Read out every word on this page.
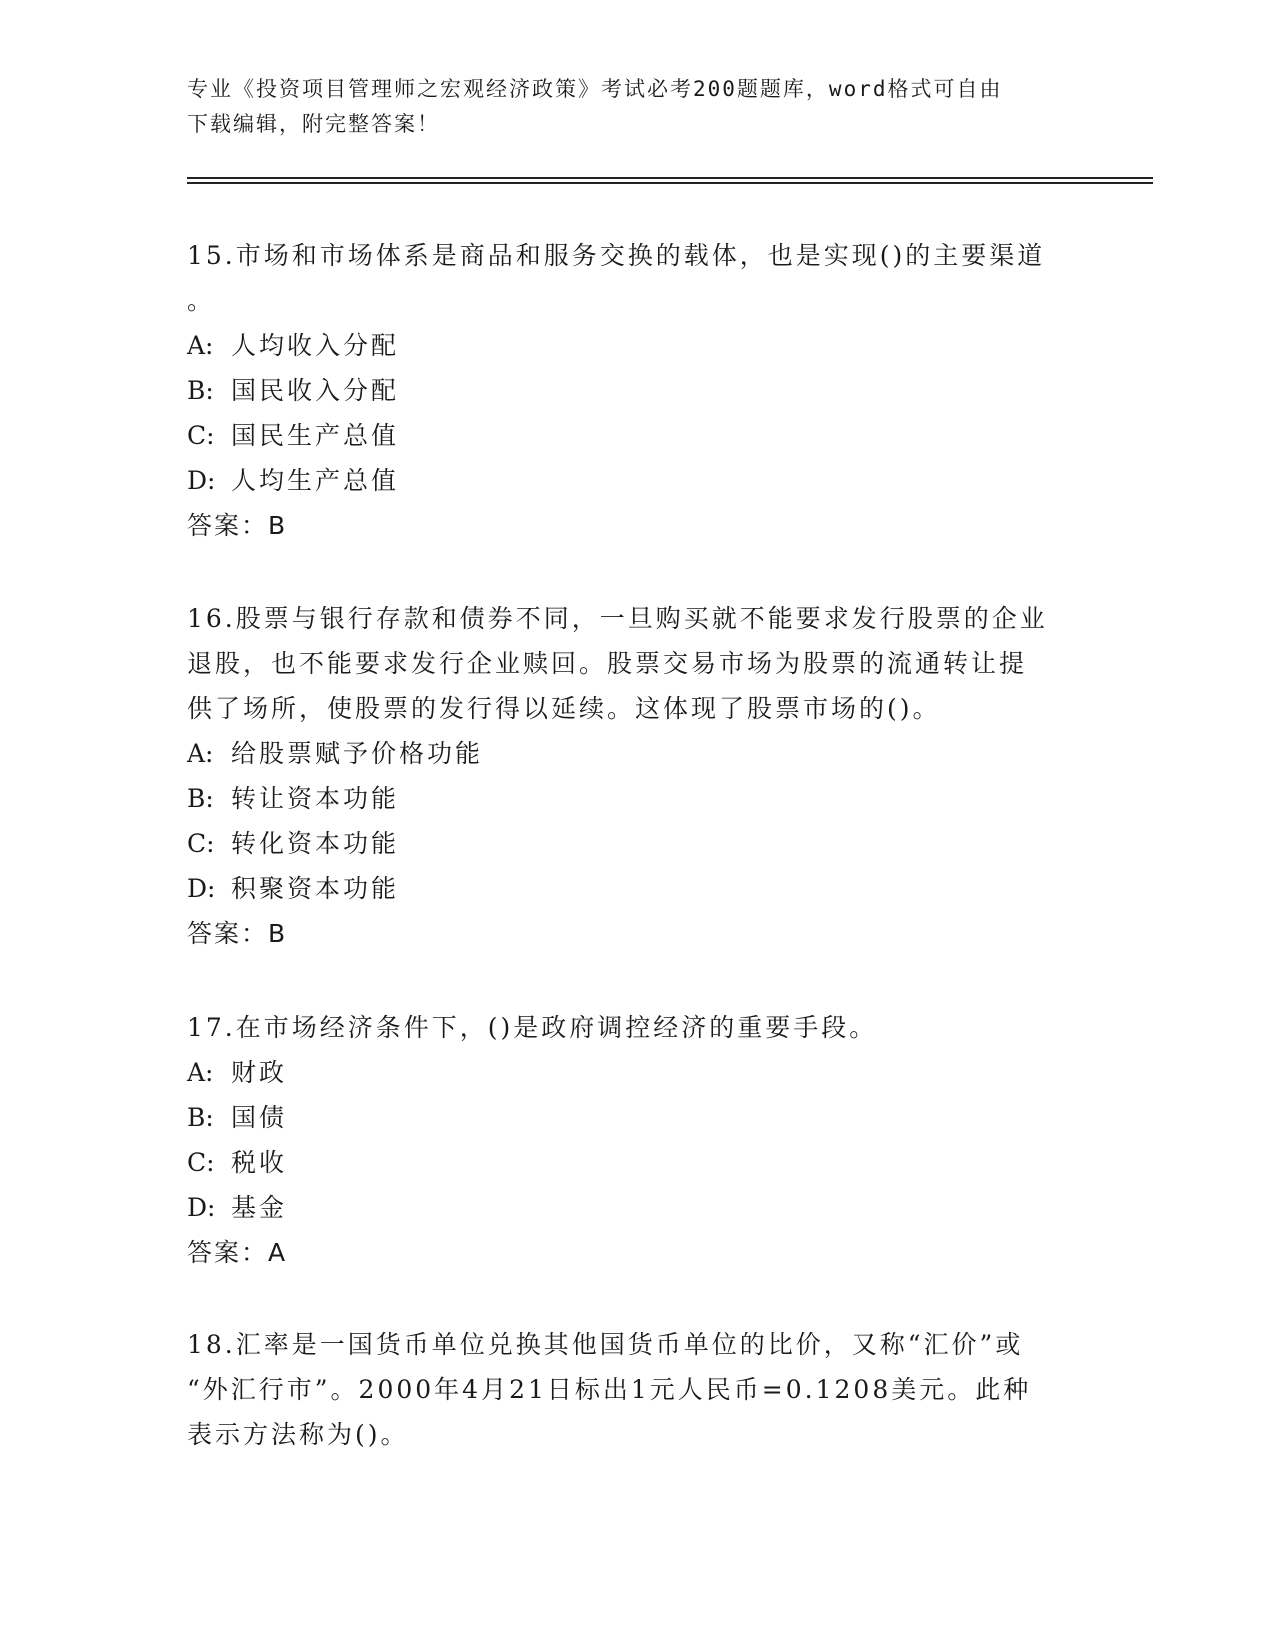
专业《投资项目管理师之宏观经济政策》考试必考200题题库，word格式可自由
下载编辑，附完整答案！

15.市场和市场体系是商品和服务交换的载体，也是实现()的主要渠道

。

A: 人均收入分配

B: 国民收入分配

C: 国民生产总值

D: 人均生产总值

答案：B

16.股票与银行存款和债券不同，一旦购买就不能要求发行股票的企业

退股，也不能要求发行企业赎回。股票交易市场为股票的流通转让提

供了场所，使股票的发行得以延续。这体现了股票市场的()。

A: 给股票赋予价格功能

B: 转让资本功能

C: 转化资本功能

D: 积聚资本功能

答案：B

17.在市场经济条件下，()是政府调控经济的重要手段。

A: 财政

B: 国债

C: 税收

D: 基金

答案：A

18.汇率是一国货币单位兑换其他国货币单位的比价，又称“汇价”或

“外汇行市”。2000年4月21日标出1元人民币=0.1208美元。此种

表示方法称为()。
